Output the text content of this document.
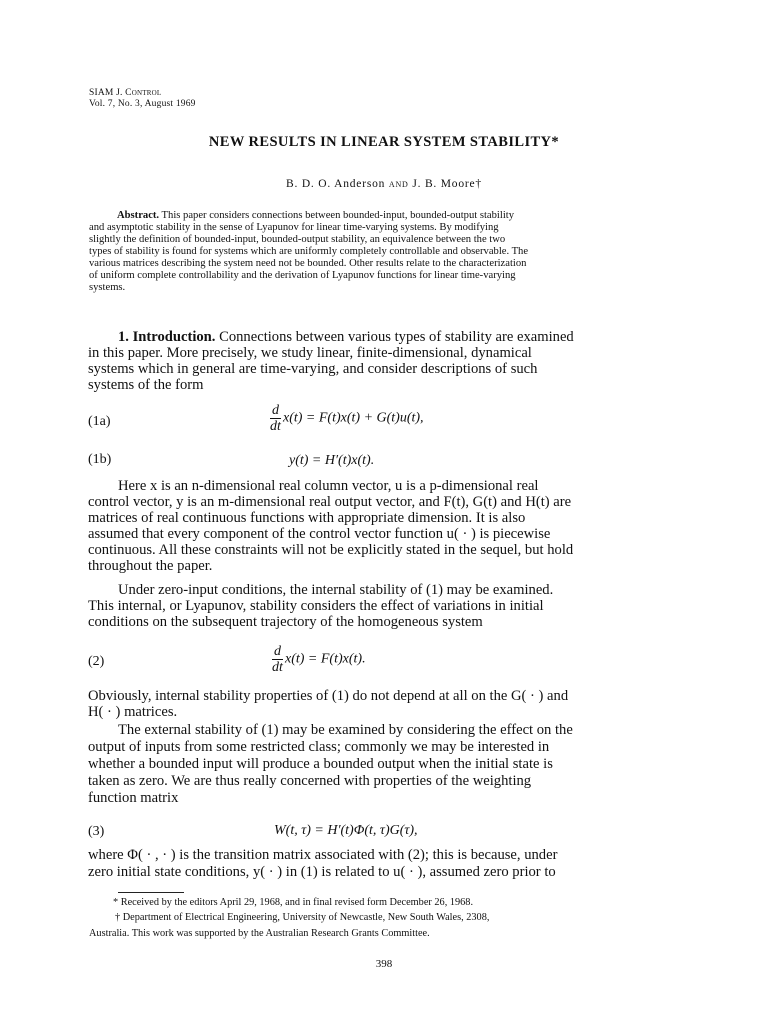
SIAM J. Control
Vol. 7, No. 3, August 1969
NEW RESULTS IN LINEAR SYSTEM STABILITY*
B. D. O. Anderson and J. B. Moore†
Abstract. This paper considers connections between bounded-input, bounded-output stability
and asymptotic stability in the sense of Lyapunov for linear time-varying systems. By modifying
slightly the definition of bounded-input, bounded-output stability, an equivalence between the two
types of stability is found for systems which are uniformly completely controllable and observable. The
various matrices describing the system need not be bounded. Other results relate to the characterization
of uniform complete controllability and the derivation of Lyapunov functions for linear time-varying
systems.
1. Introduction. Connections between various types of stability are examined
in this paper. More precisely, we study linear, finite-dimensional, dynamical
systems which in general are time-varying, and consider descriptions of such
systems of the form
(1a)	$\frac{d}{dt} x(t) = F(t)x(t) + G(t)u(t)$,
(1b)	y(t) = H′(t)x(t).
Here x is an n-dimensional real column vector, u is a p-dimensional real
control vector, y is an m-dimensional real output vector, and F(t), G(t) and H(t) are
matrices of real continuous functions with appropriate dimension. It is also
assumed that every component of the control vector function u( · ) is piecewise
continuous. All these constraints will not be explicitly stated in the sequel, but hold
throughout the paper.
Under zero-input conditions, the internal stability of (1) may be examined.
This internal, or Lyapunov, stability considers the effect of variations in initial
conditions on the subsequent trajectory of the homogeneous system
(2)	$\frac{d}{dt} x(t) = F(t)x(t)$.
Obviously, internal stability properties of (1) do not depend at all on the G( · ) and
H( · ) matrices.
The external stability of (1) may be examined by considering the effect on the
output of inputs from some restricted class; commonly we may be interested in
whether a bounded input will produce a bounded output when the initial state is
taken as zero. We are thus really concerned with properties of the weighting
function matrix
(3)	W(t, τ) = H′(t)Φ(t, τ)G(τ),
where Φ( · , · ) is the transition matrix associated with (2); this is because, under
zero initial state conditions, y( · ) in (1) is related to u( · ), assumed zero prior to
* Received by the editors April 29, 1968, and in final revised form December 26, 1968.
† Department of Electrical Engineering, University of Newcastle, New South Wales, 2308,
Australia. This work was supported by the Australian Research Grants Committee.
398
